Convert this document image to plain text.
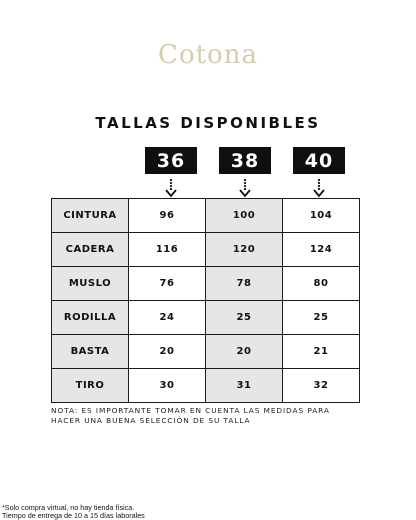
Cotona
TALLAS DISPONIBLES
36	38	40
CINTURA	96	100	104
CADERA	116	120	124
MUSLO	76	78	80
RODILLA	24	25	25
BASTA	20	20	21
TIRO	30	31	32
NOTA: ES IMPORTANTE TOMAR EN CUENTA LAS MEDIDAS PARA HACER UNA BUENA SELECCIÓN DE SU TALLA
*Solo compra virtual, no hay tienda física.
Tiempo de entrega de 10 a 15 días laborales
